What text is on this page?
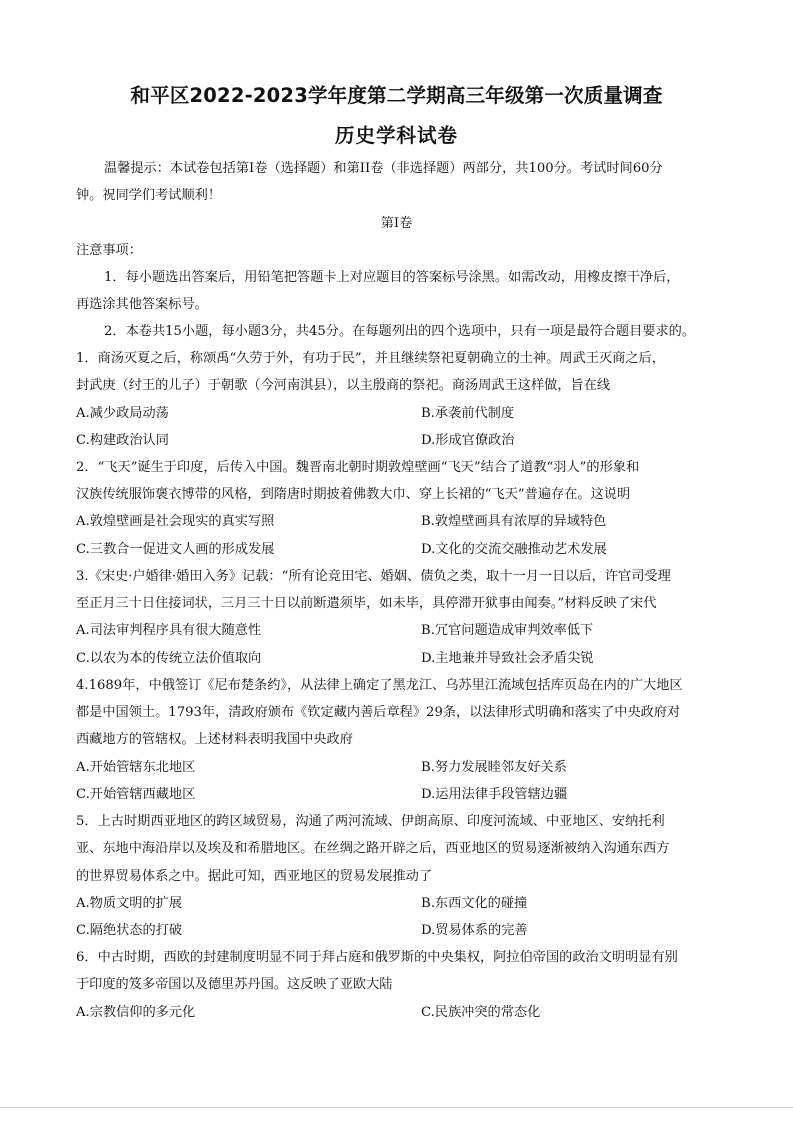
和平区2022-2023学年度第二学期高三年级第一次质量调查
历史学科试卷
温馨提示：本试卷包括第I卷（选择题）和第II卷（非选择题）两部分，共100分。考试时间60分
钟。祝同学们考试顺利！
第I卷
注意事项：
1．每小题选出答案后，用铅笔把答题卡上对应题目的答案标号涂黑。如需改动，用橡皮擦干净后，
再选涂其他答案标号。
2．本卷共15小题，每小题3分，共45分。在每题列出的四个选项中，只有一项是最符合题目要求的。
1．商汤灭夏之后，称颂禹“久劳于外，有功于民”，并且继续祭祀夏朝确立的土神。周武王灭商之后，
封武庚（纣王的儿子）于朝歌（今河南淇县），以主殷商的祭祀。商汤周武王这样做，旨在线
A.减少政局动荡	B.承袭前代制度
C.构建政治认同	D.形成官僚政治
2．“飞天”诞生于印度，后传入中国。魏晋南北朝时期敦煌壁画“飞天”结合了道教“羽人”的形象和
汉族传统服饰褒衣博带的风格，到隋唐时期披着佛教大巾、穿上长裙的“飞天”普遍存在。这说明
A.敦煌壁画是社会现实的真实写照	B.敦煌壁画具有浓厚的异域特色
C.三教合一促进文人画的形成发展	D.文化的交流交融推动艺术发展
3.《宋史·户婚律·婚田入务》记载：“所有论竞田宅、婚姻、债负之类，取十一月一日以后，许官司受理
至正月三十日住接词状，三月三十日以前断遣须毕，如未毕，具停滞开狱事由闻奏。”材料反映了宋代
A.司法审判程序具有很大随意性	B.冗官问题造成审判效率低下
C.以农为本的传统立法价值取向	D.主地兼并导致社会矛盾尖锐
4.1689年，中俄签订《尼布楚条约》，从法律上确定了黑龙江、乌苏里江流域包括库页岛在内的广大地区
都是中国领土。1793年，清政府颁布《钦定藏内善后章程》29条，以法律形式明确和落实了中央政府对
西藏地方的管辖权。上述材料表明我国中央政府
A.开始管辖东北地区	B.努力发展睦邻友好关系
C.开始管辖西藏地区	D.运用法律手段管辖边疆
5．上古时期西亚地区的跨区域贸易，沟通了两河流域、伊朗高原、印度河流域、中亚地区、安纳托利
亚、东地中海沿岸以及埃及和希腊地区。在丝绸之路开辟之后，西亚地区的贸易逐渐被纳入沟通东西方
的世界贸易体系之中。据此可知，西亚地区的贸易发展推动了
A.物质文明的扩展	B.东西文化的碰撞
C.隔绝状态的打破	D.贸易体系的完善
6．中古时期，西欧的封建制度明显不同于拜占庭和俄罗斯的中央集权，阿拉伯帝国的政治文明明显有别
于印度的笈多帝国以及德里苏丹国。这反映了亚欧大陆
A.宗教信仰的多元化	C.民族冲突的常态化
